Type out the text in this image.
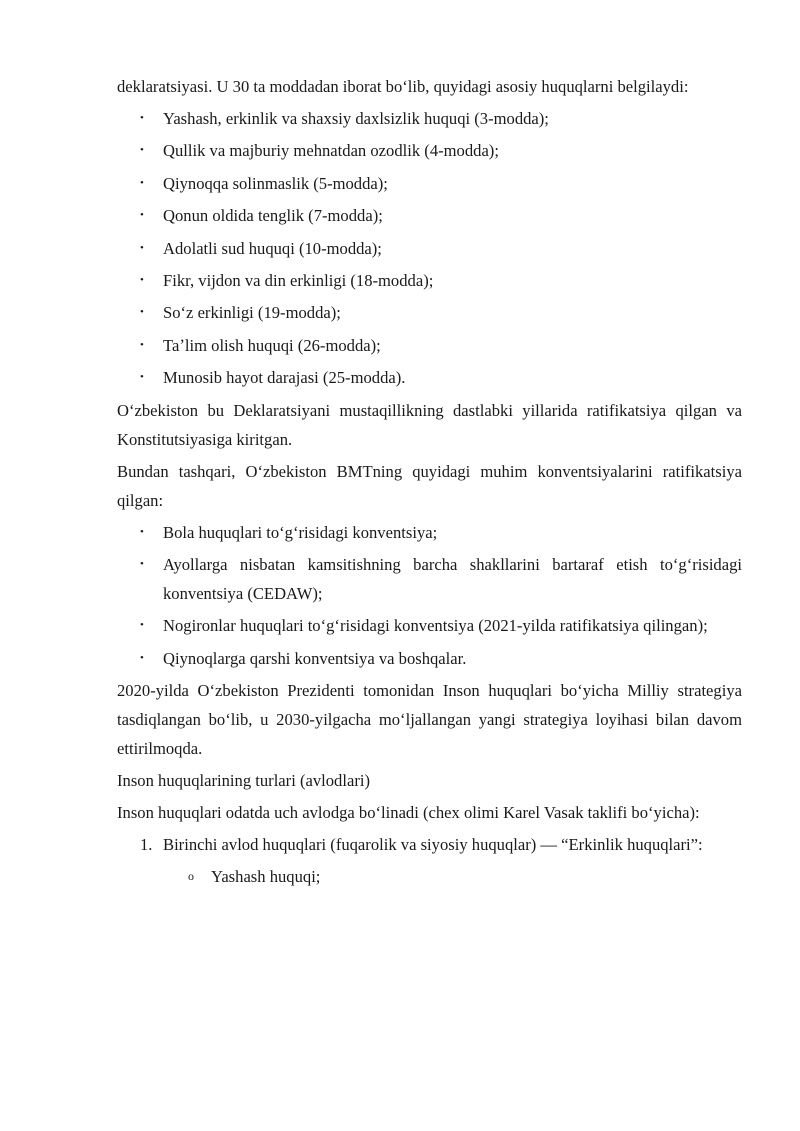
deklaratsiyasi. U 30 ta moddadan iborat boʻlib, quyidagi asosiy huquqlarni belgilaydi:

• Yashash, erkinlik va shaxsiy daxlsizlik huquqi (3-modda);
• Qullik va majburiy mehnatdan ozodlik (4-modda);
• Qiynoqqa solinmaslik (5-modda);
• Qonun oldida tenglik (7-modda);
• Adolatli sud huquqi (10-modda);
• Fikr, vijdon va din erkinligi (18-modda);
• Soʻz erkinligi (19-modda);
• Taʼlim olish huquqi (26-modda);
• Munosib hayot darajasi (25-modda).

Oʻzbekiston bu Deklaratsiyani mustaqillikning dastlabki yillarida ratifikatsiya qilgan va Konstitutsiyasiga kiritgan.

Bundan tashqari, Oʻzbekiston BMTning quyidagi muhim konventsiyalarini ratifikatsiya qilgan:

• Bola huquqlari toʻgʻrisidagi konventsiya;
• Ayollarga nisbatan kamsitishning barcha shakllarini bartaraf etish toʻgʻrisidagi konventsiya (CEDAW);
• Nogironlar huquqlari toʻgʻrisidagi konventsiya (2021-yilda ratifikatsiya qilingan);
• Qiynoqlarga qarshi konventsiya va boshqalar.

2020-yilda Oʻzbekiston Prezidenti tomonidan Inson huquqlari boʻyicha Milliy strategiya tasdiqlangan boʻlib, u 2030-yilgacha moʻljallangan yangi strategiya loyihasi bilan davom ettirilmoqda.

Inson huquqlarining turlari (avlodlari)

Inson huquqlari odatda uch avlodga boʻlinadi (chex olimi Karel Vasak taklifi boʻyicha):

1. Birinchi avlod huquqlari (fuqarolik va siyosiy huquqlar) — “Erkinlik huquqlari”:
o Yashash huquqi;
